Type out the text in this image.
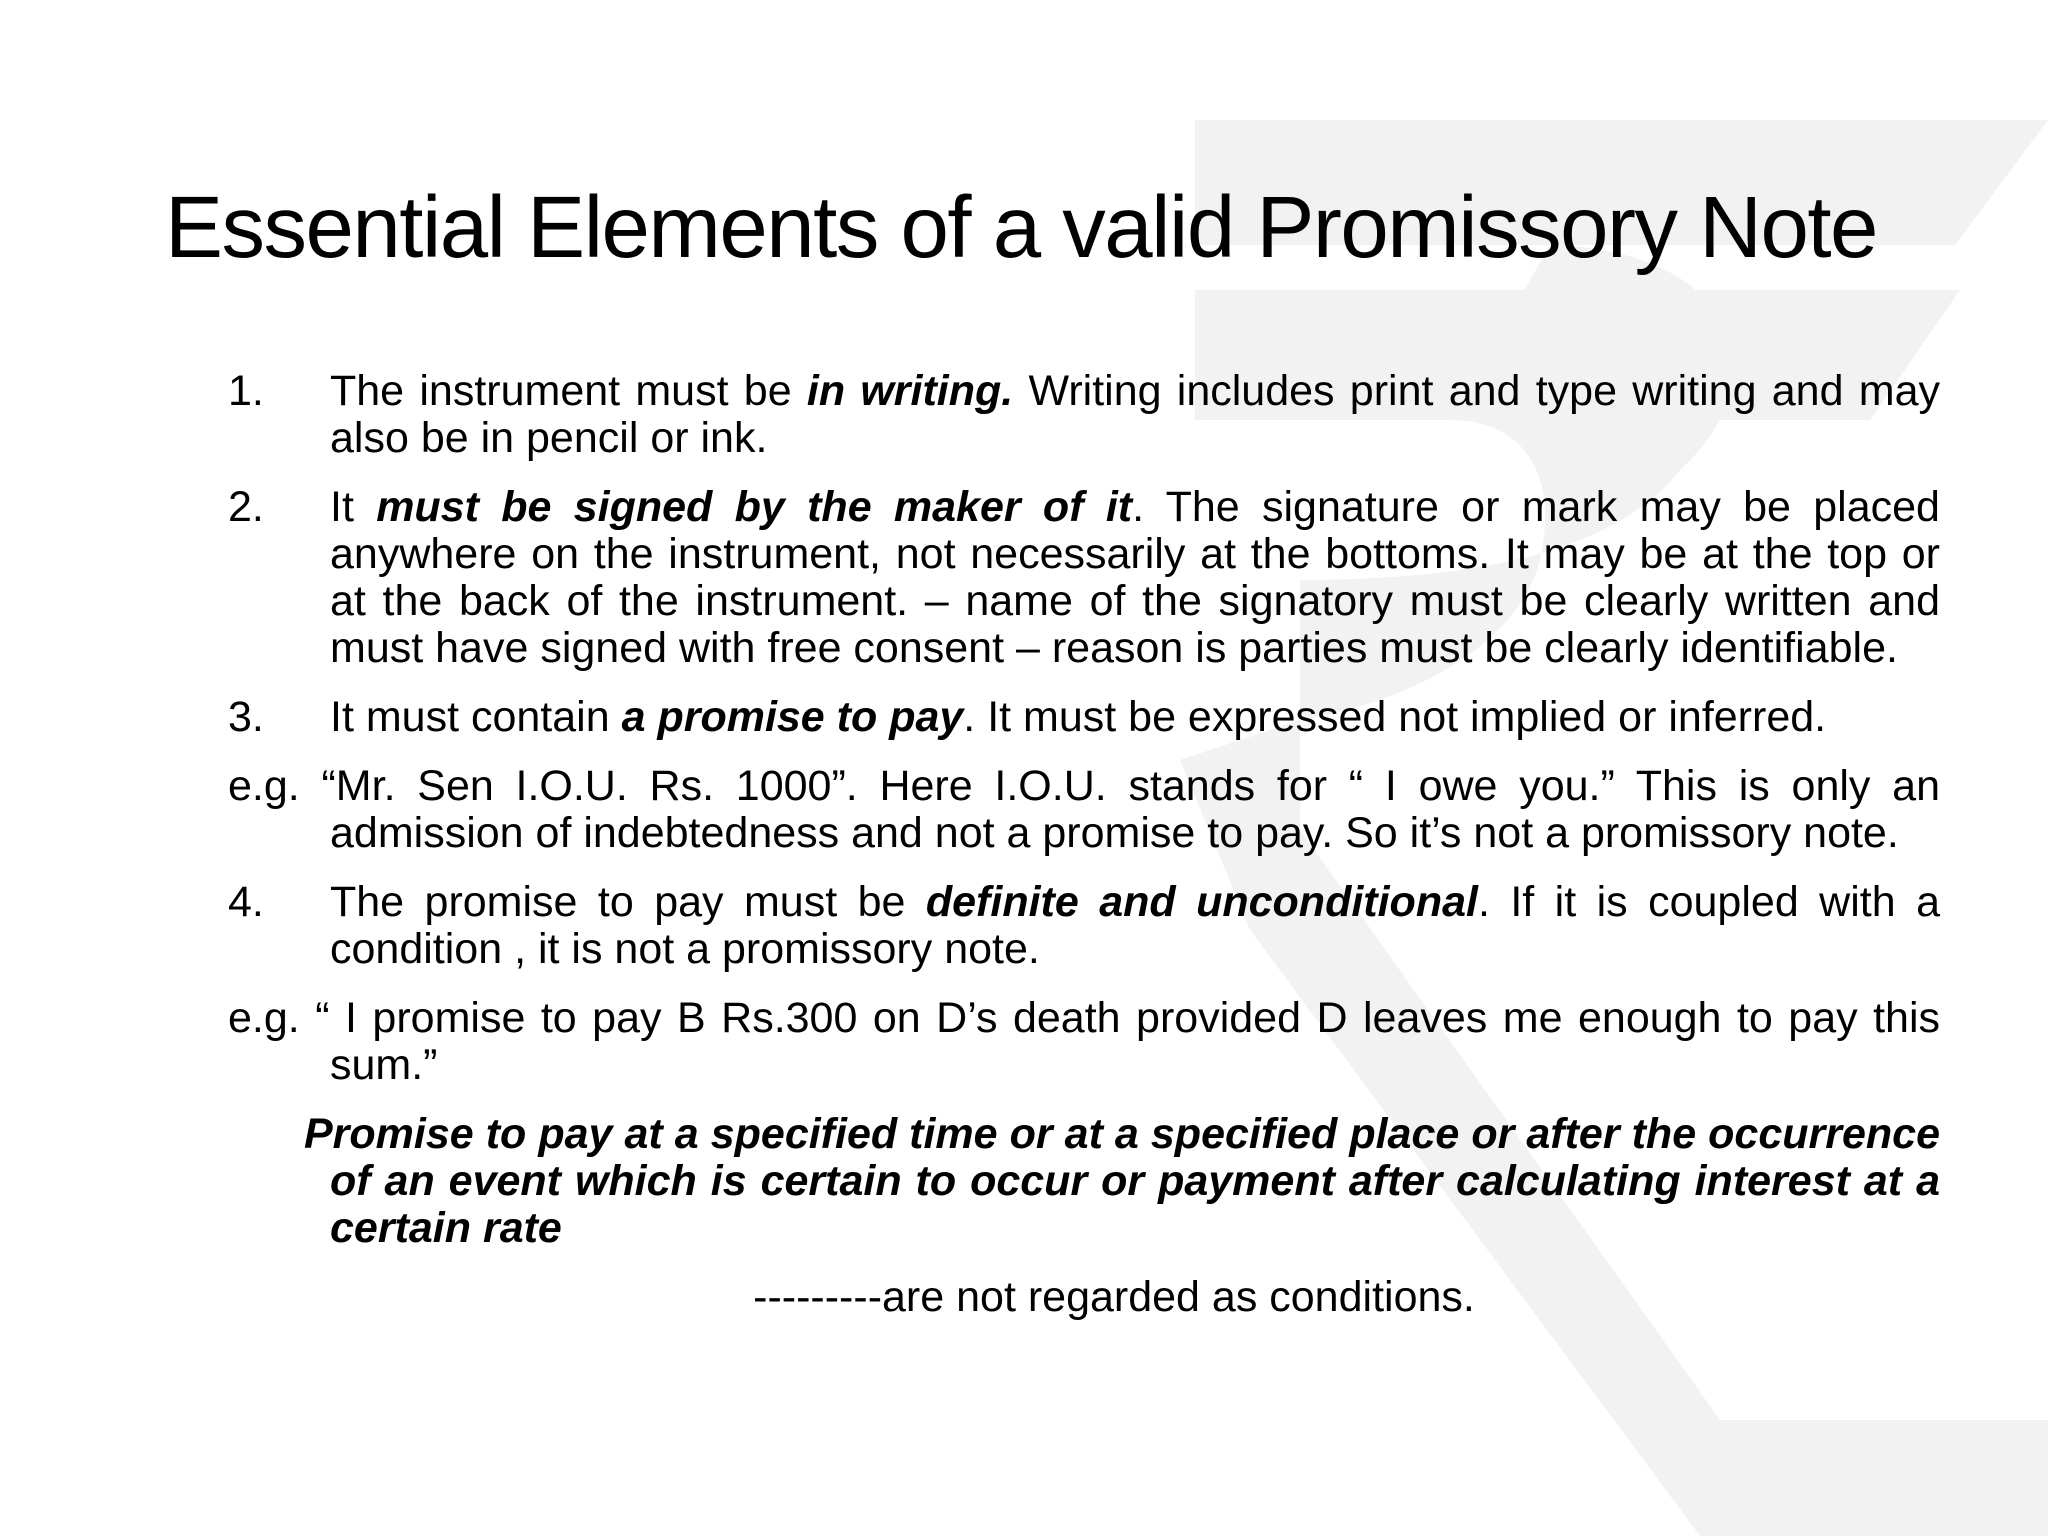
Essential Elements of a valid Promissory Note
1.	The instrument must be in writing. Writing includes print and type writing and may also be in pencil or ink.
2.	It must be signed by the maker of it. The signature or mark may be placed anywhere on the instrument, not necessarily at the bottoms. It may be at the top or at the back of the instrument. – name of the signatory must be clearly written and must have signed with free consent – reason is parties must be clearly identifiable.
3.	It must contain a promise to pay. It must be expressed not implied or inferred.
e.g. “Mr. Sen I.O.U. Rs. 1000”. Here I.O.U. stands for “ I owe you.” This is only an admission of indebtedness and not a promise to pay. So it’s not a promissory note.
4.	The promise to pay must be definite and unconditional. If it is coupled with a condition , it is not a promissory note.
e.g. “ I promise to pay B Rs.300 on D’s death provided D leaves me enough to pay this sum.”
Promise to pay at a specified time or at a specified place or after the occurrence of an event which is certain to occur or payment after calculating interest at a certain rate
---------are not regarded as conditions.
